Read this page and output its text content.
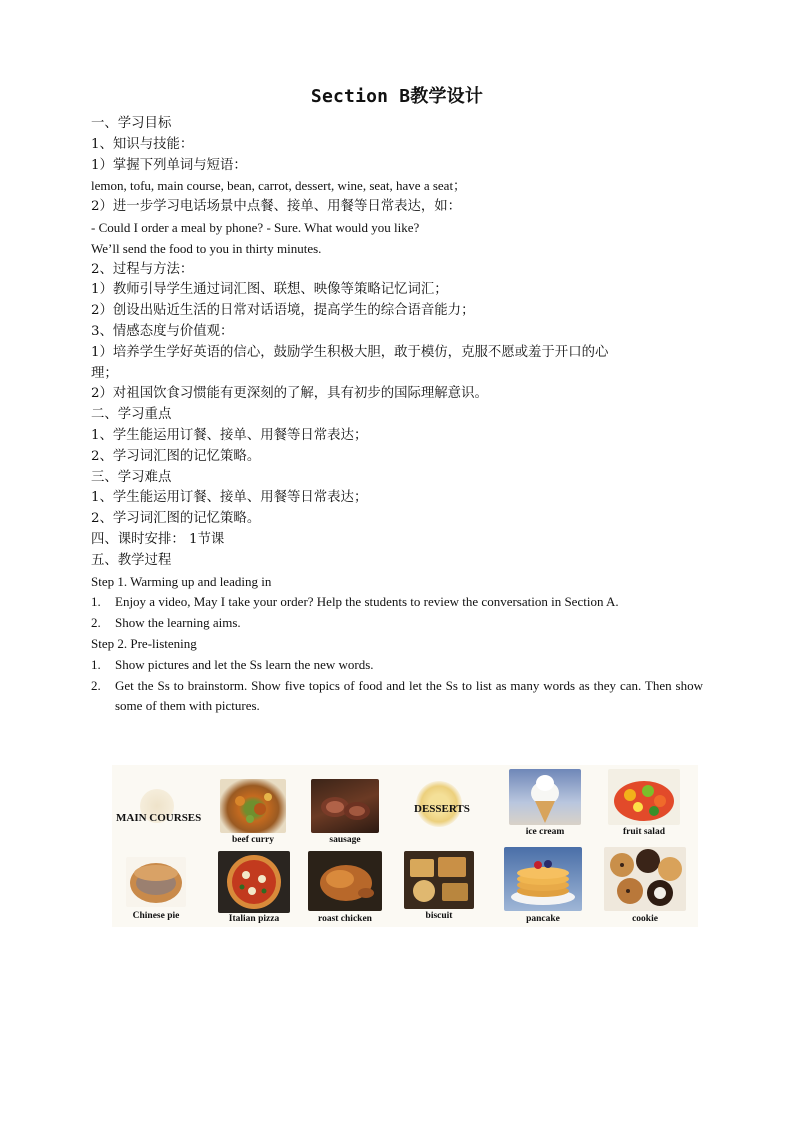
Section B教学设计
一、学习目标
1、知识与技能：
1）掌握下列单词与短语：
lemon, tofu, main course, bean, carrot, dessert, wine, seat, have a seat；
2）进一步学习电话场景中点餐、接单、用餐等日常表达，如：
- Could I order a meal by phone? - Sure. What would you like?
We’ll send the food to you in thirty minutes.
2、过程与方法：
1）教师引导学生通过词汇图、联想、映像等策略记忆词汇；
2）创设出贴近生活的日常对话语境，提高学生的综合语音能力；
3、情感态度与价值观：
1）培养学生学好英语的信心，鼓励学生积极大胆，敢于模仿，克服不愿或羞于开口的心
理；
2）对祖国饮食习惯能有更深刻的了解，具有初步的国际理解意识。
二、学习重点
1、学生能运用订餐、接单、用餐等日常表达；
2、学习词汇图的记忆策略。
三、学习难点
1、学生能运用订餐、接单、用餐等日常表达；
2、学习词汇图的记忆策略。
四、课时安排： 1节课
五、教学过程
Step 1. Warming up and leading in
1.	Enjoy a video, May I take your order? Help the students to review the conversation in Section A.
2.	Show the learning aims.
Step 2. Pre-listening
1.	Show pictures and let the Ss learn the new words.
2.	Get the Ss to brainstorm. Show five topics of food and let the Ss to list as many words as they can. Then show some of them with pictures.
MAIN COURSES
beef curry	sausage
DESSERTS
ice cream	fruit salad
Chinese pie	Italian pizza	roast chicken	biscuit	pancake	cookie
